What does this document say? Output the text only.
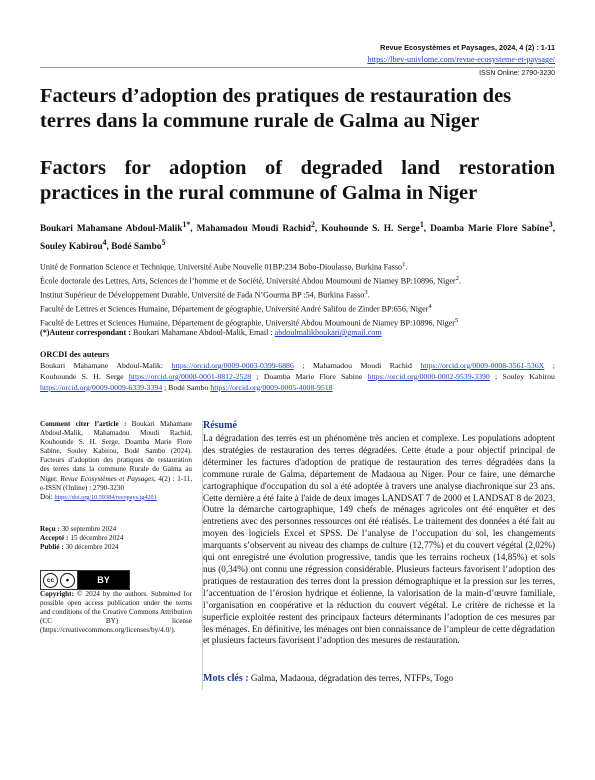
Revue Ecosystèmes et Paysages, 2024, 4 (2) : 1-11
https://lbev-univlome.com/revue-ecosysteme-et-paysage/
ISSN Online: 2790-3230
Facteurs d’adoption des pratiques de restauration des terres dans la commune rurale de Galma au Niger
Factors for adoption of degraded land restoration practices in the rural commune of Galma in Niger
Boukari Mahamane Abdoul-Malik$^{1*}$, Mahamadou Moudi Rachid$^2$, Kouhounde S. H. Serge$^1$, Doamba Marie Flore Sabine$^3$, Souley Kabirou$^4$, Bodé Sambo$^5$
Unité de Formation Science et Technique, Université Aube Nouvelle 01BP:234 Bobo-Dioulasso, Burkina Fasso$^1$.
École doctorale des Lettres, Arts, Sciences de l’homme et de Société, Université Abdou Moumouni de Niamey BP:10896, Niger$^2$.
Institut Supérieur de Développement Durable, Université de Fada N’Gourma BP :54, Burkina Fasso$^3$.
Faculté de Lettres et Sciences Humaine, Département de géographie, Université André Salifou de Zinder BP:656, Niger$^4$
Faculté de Lettres et Sciences Humaine, Département de géographie, Université Abdou Moumouni de Niamey BP:10896, Niger$^5$
(*)Auteur correspondant : Boukari Mahamane Abdoul-Malik, Email : abdoulmalikboukari@gmail.com
ORCDI des auteurs
Boukari Mahamane Abdoul-Malik: https://orcid.org/0009-0003-0399-6886 ; Mahamadou Moudi Rachid https://orcid.org/0009-0008-3561-536X ; Kouhounde S. H. Serge https://orcid.org/0000-0001-8812-2528 ; Doamba Marie Flore Sabine https://orcid.org/0000-0002-9539-3390 ; Souley Kabirou https://orcid.org/0009-0009-6339-3394 ; Bodé Sambo https://orcid.org/0009-0005-4008-9518

Comment citer l’article : Boukari Mahamane Abdoul-Malik, Mahamadou Moudi Rachid, Kouhounde S. H. Serge, Doamba Marie Flore Sabine, Souley Kabirou, Bodé Sambo (2024). Facteurs d’adoption des pratiques de restauration des terres dans la commune Rurale de Galma au Niger. Revue Ecosystèmes et Paysages, 4(2) : 1-11, e-ISSN (Online) : 2790-3230

Doi: https://doi.org/10.59384/recopays.tg4201

Reçu : 30 septembre 2024
Accepté : 15 décembre 2024
Publié : 30 décembre 2024
cc	●	BY
Copyright: © 2024 by the authors. Submitted for possible open access publication under the terms and conditions of the Creative Commons Attribution (CC BY) license (https://creativecommons.org/licenses/by/4.0/).
Résumé

La dégradation des terres est un phénomène très ancien et complexe. Les populations adoptent des stratégies de restauration des terres dégradées. Cette étude a pour objectif principal de déterminer les factures d'adoption de pratique de restauration des terres dégradées dans la commune rurale de Galma, département de Madaoua au Niger. Pour ce faire, une démarche cartographique d'occupation du sol a été adoptée à travers une analyse diachronique sur 23 ans. Cette dernière a été faite à l'aide de deux images LANDSAT 7 de 2000 et LANDSAT 8 de 2023. Outre la démarche cartographique, 149 chefs de ménages agricoles ont été enquêter et des entretiens avec des personnes ressources ont été réalisés. Le traitement des données a été fait au moyen des logiciels Excel et SPSS. De l’analyse de l’occupation du sol, les changements marquants s’observent au niveau des champs de culture (12,77%) et du couvert végétal (2,02%) qui ont enregistré une évolution progressive, tandis que les terrains rocheux (14,85%) et sols nus (0,34%) ont connu une régression considérable. Plusieurs facteurs favorisent l’adoption des pratiques de restauration des terres dont la pression démographique et la pression sur les terres, l’accentuation de l’érosion hydrique et éolienne, la valorisation de la main-d’œuvre familiale, l’organisation en coopérative et la réduction du couvert végétal. Le critère de richesse et la superficie exploitée restent des principaux facteurs déterminants l’adoption de ces mesures par les ménages. En définitive, les ménages ont bien connaissance de l’ampleur de cette dégradation et plusieurs facteurs favorisent l’adoption des mesures de restauration.

Mots clés : Galma, Madaoua, dégradation des terres, NTFPs, Togo
